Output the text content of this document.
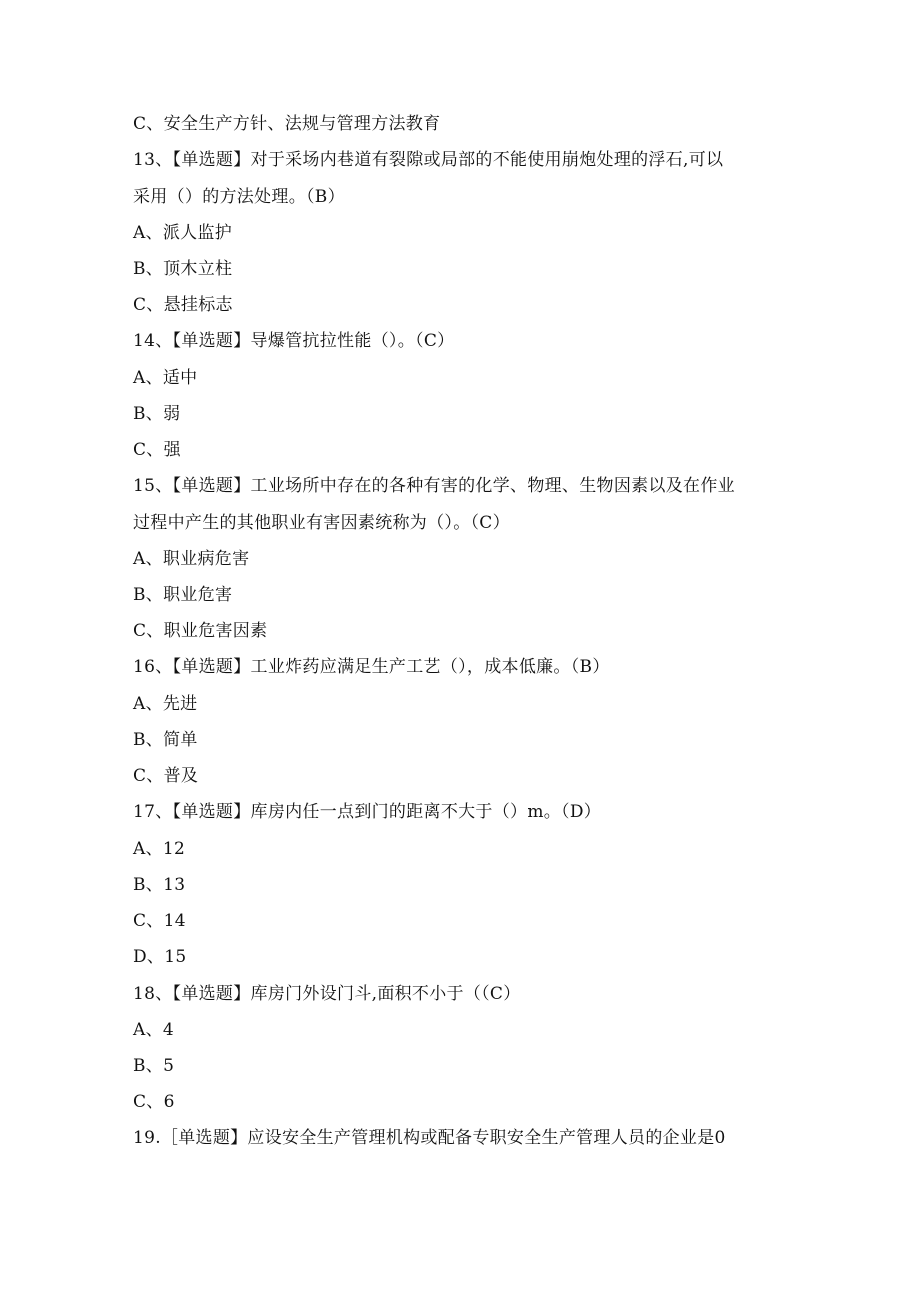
C、安全生产方针、法规与管理方法教育
13、【单选题】对于采场内巷道有裂隙或局部的不能使用崩炮处理的浮石,可以
采用（）的方法处理。（B）
A、派人监护
B、顶木立柱
C、悬挂标志
14、【单选题】导爆管抗拉性能（）。（C）
A、适中
B、弱
C、强
15、【单选题】工业场所中存在的各种有害的化学、物理、生物因素以及在作业
过程中产生的其他职业有害因素统称为（）。（C）
A、职业病危害
B、职业危害
C、职业危害因素
16、【单选题】工业炸药应满足生产工艺（），成本低廉。（B）
A、先进
B、简单
C、普及
17、【单选题】库房内任一点到门的距离不大于（）m。（D）
A、12
B、13
C、14
D、15
18、【单选题】库房门外设门斗,面积不小于（（C）
A、4
B、5
C、6
19.［单选题】应设安全生产管理机构或配备专职安全生产管理人员的企业是0
